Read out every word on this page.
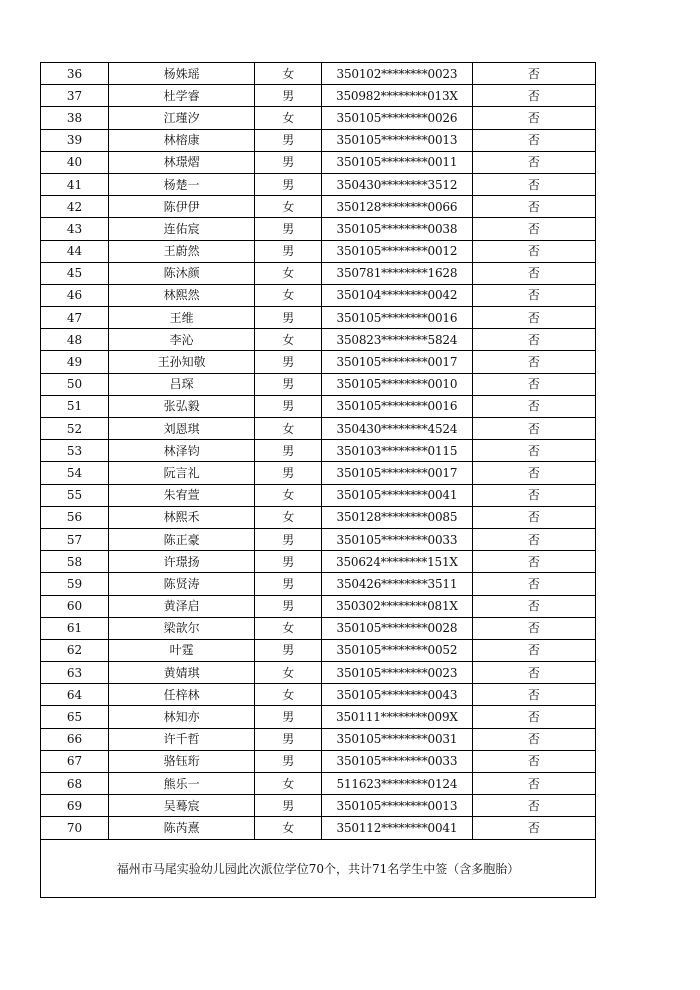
36	杨姝瑶	女	350102********0023	否
37	杜学睿	男	350982********013X	否
38	江瑾汐	女	350105********0026	否
39	林榕康	男	350105********0013	否
40	林璟熠	男	350105********0011	否
41	杨楚一	男	350430********3512	否
42	陈伊伊	女	350128********0066	否
43	连佑宸	男	350105********0038	否
44	王蔚然	男	350105********0012	否
45	陈沐颜	女	350781********1628	否
46	林熙然	女	350104********0042	否
47	王维	男	350105********0016	否
48	李沁	女	350823********5824	否
49	王孙知敬	男	350105********0017	否
50	吕琛	男	350105********0010	否
51	张弘毅	男	350105********0016	否
52	刘恩琪	女	350430********4524	否
53	林泽钧	男	350103********0115	否
54	阮言礼	男	350105********0017	否
55	朱宥萱	女	350105********0041	否
56	林熙禾	女	350128********0085	否
57	陈正豪	男	350105********0033	否
58	许璟扬	男	350624********151X	否
59	陈贤涛	男	350426********3511	否
60	黄泽启	男	350302********081X	否
61	梁歆尔	女	350105********0028	否
62	叶霆	男	350105********0052	否
63	黄婧琪	女	350105********0023	否
64	任梓林	女	350105********0043	否
65	林知亦	男	350111********009X	否
66	许千哲	男	350105********0031	否
67	骆钰珩	男	350105********0033	否
68	熊乐一	女	511623********0124	否
69	吴蓦宸	男	350105********0013	否
70	陈芮熹	女	350112********0041	否
福州市马尾实验幼儿园此次派位学位70个，共计71名学生中签（含多胞胎）
